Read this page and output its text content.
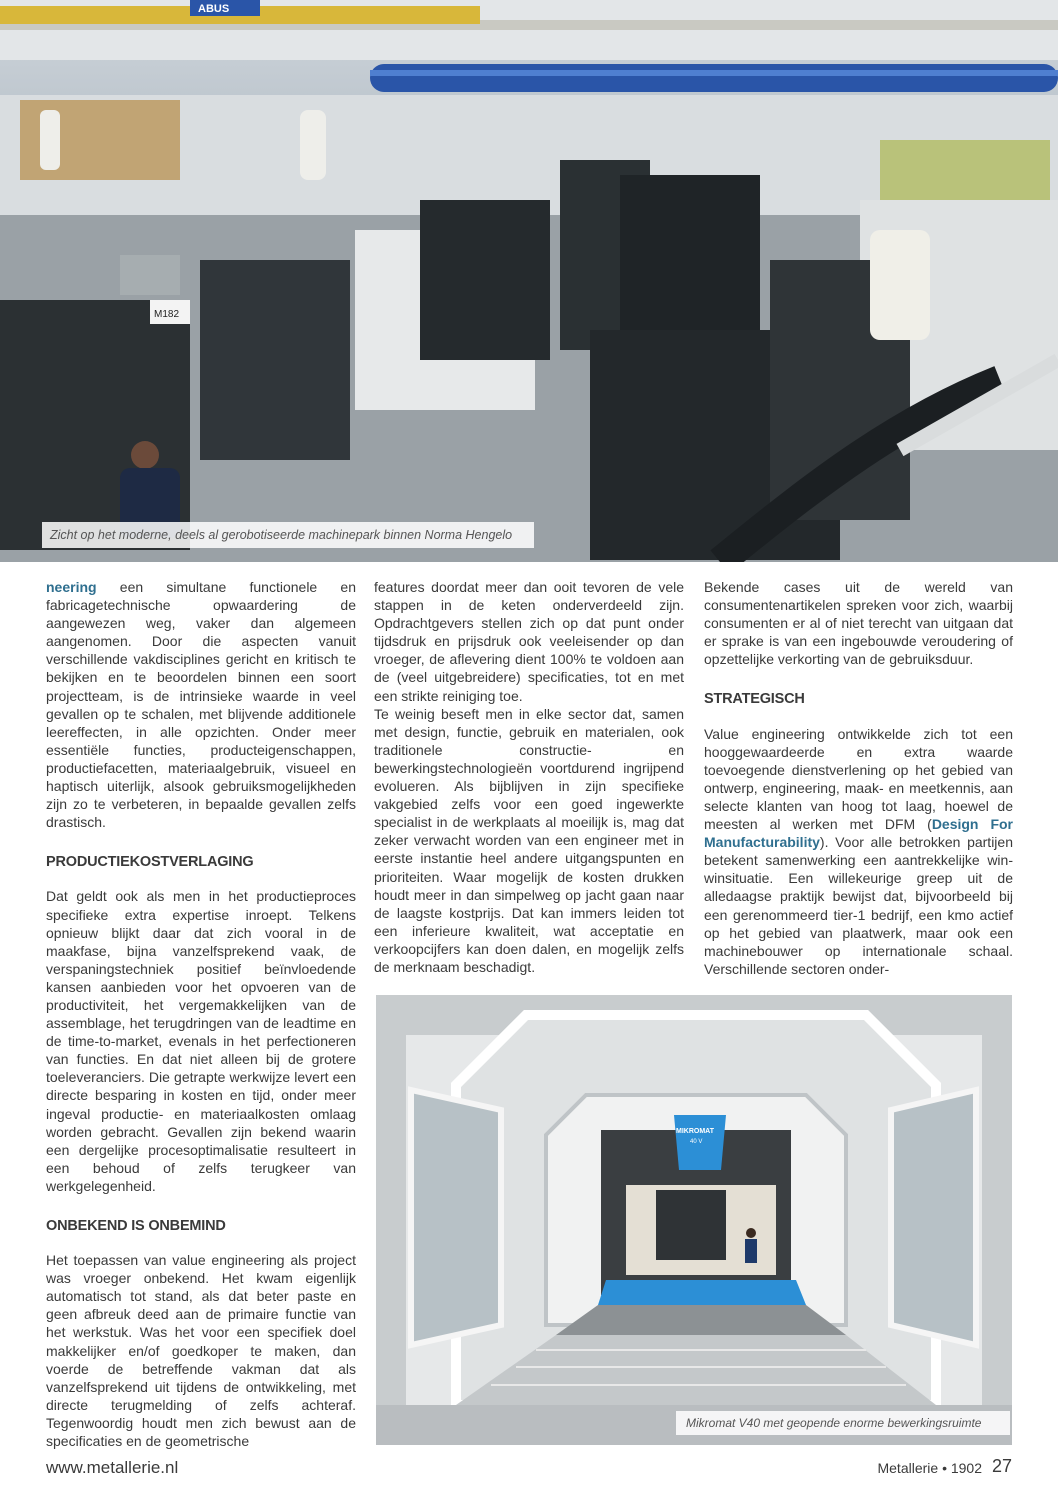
ABUS
M182
Zicht op het moderne, deels al gerobotiseerde machinepark binnen Norma Hengelo

neering een simultane functionele en fabricagetechnische opwaardering de aangewezen weg, vaker dan algemeen aangenomen. Door die aspecten vanuit verschillende vakdisciplines gericht en kritisch te bekijken en te beoordelen binnen een soort projectteam, is de intrinsieke waarde in veel gevallen op te schalen, met blijvende additionele leereffecten, in alle opzichten. Onder meer essentiële functies, producteigenschappen, productiefacetten, materiaalgebruik, visueel en haptisch uiterlijk, alsook gebruiksmogelijkheden zijn zo te verbeteren, in bepaalde gevallen zelfs drastisch.

PRODUCTIEKOSTVERLAGING

Dat geldt ook als men in het productieproces specifieke extra expertise inroept. Telkens opnieuw blijkt daar dat zich vooral in de maakfase, bijna vanzelfsprekend vaak, de verspaningstechniek positief beïnvloedende kansen aanbieden voor het opvoeren van de productiviteit, het vergemakkelijken van de assemblage, het terugdringen van de leadtime en de time-to-market, evenals in het perfectioneren van functies. En dat niet alleen bij de grotere toeleveranciers. Die getrapte werkwijze levert een directe besparing in kosten en tijd, onder meer ingeval productie- en materiaalkosten omlaag worden gebracht. Gevallen zijn bekend waarin een dergelijke procesoptimalisatie resulteert in een behoud of zelfs terugkeer van werkgelegenheid.

ONBEKEND IS ONBEMIND

Het toepassen van value engineering als project was vroeger onbekend. Het kwam eigenlijk automatisch tot stand, als dat beter paste en geen afbreuk deed aan de primaire functie van het werkstuk. Was het voor een specifiek doel makkelijker en/of goedkoper te maken, dan voerde de betreffende vakman dat als vanzelfsprekend uit tijdens de ontwikkeling, met directe terugmelding of zelfs achteraf. Tegenwoordig houdt men zich bewust aan de specificaties en de geometrische

features doordat meer dan ooit tevoren de vele stappen in de keten onderverdeeld zijn. Opdrachtgevers stellen zich op dat punt onder tijdsdruk en prijsdruk ook veeleisender op dan vroeger, de aflevering dient 100% te voldoen aan de (veel uitgebreidere) specificaties, tot en met een strikte reiniging toe.

Te weinig beseft men in elke sector dat, samen met design, functie, gebruik en materialen, ook traditionele constructie- en bewerkingstechnologieën voortdurend ingrijpend evolueren. Als bijblijven in zijn specifieke vakgebied zelfs voor een goed ingewerkte specialist in de werkplaats al moeilijk is, mag dat zeker verwacht worden van een engineer met in eerste instantie heel andere uitgangspunten en prioriteiten. Waar mogelijk de kosten drukken houdt meer in dan simpelweg op jacht gaan naar de laagste kostprijs. Dat kan immers leiden tot een inferieure kwaliteit, wat acceptatie en verkoopcijfers kan doen dalen, en mogelijk zelfs de merknaam beschadigt.

Bekende cases uit de wereld van consumentenartikelen spreken voor zich, waarbij consumenten er al of niet terecht van uitgaan dat er sprake is van een ingebouwde veroudering of opzettelijke verkorting van de gebruiksduur.

STRATEGISCH

Value engineering ontwikkelde zich tot een hooggewaardeerde en extra waarde toevoegende dienstverlening op het gebied van ontwerp, engineering, maak- en meetkennis, aan selecte klanten van hoog tot laag, hoewel de meesten al werken met DFM (Design For Manufacturability). Voor alle betrokken partijen betekent samenwerking een aantrekkelijke win-winsituatie. Een willekeurige greep uit de alledaagse praktijk bewijst dat, bijvoorbeeld bij een gerenommeerd tier-1 bedrijf, een kmo actief op het gebied van plaatwerk, maar ook een machinebouwer op internationale schaal. Verschillende sectoren onder-

MIKROMAT
40 V
Mikromat V40 met geopende enorme bewerkingsruimte
www.metallerie.nl	Metallerie • 1902 27
